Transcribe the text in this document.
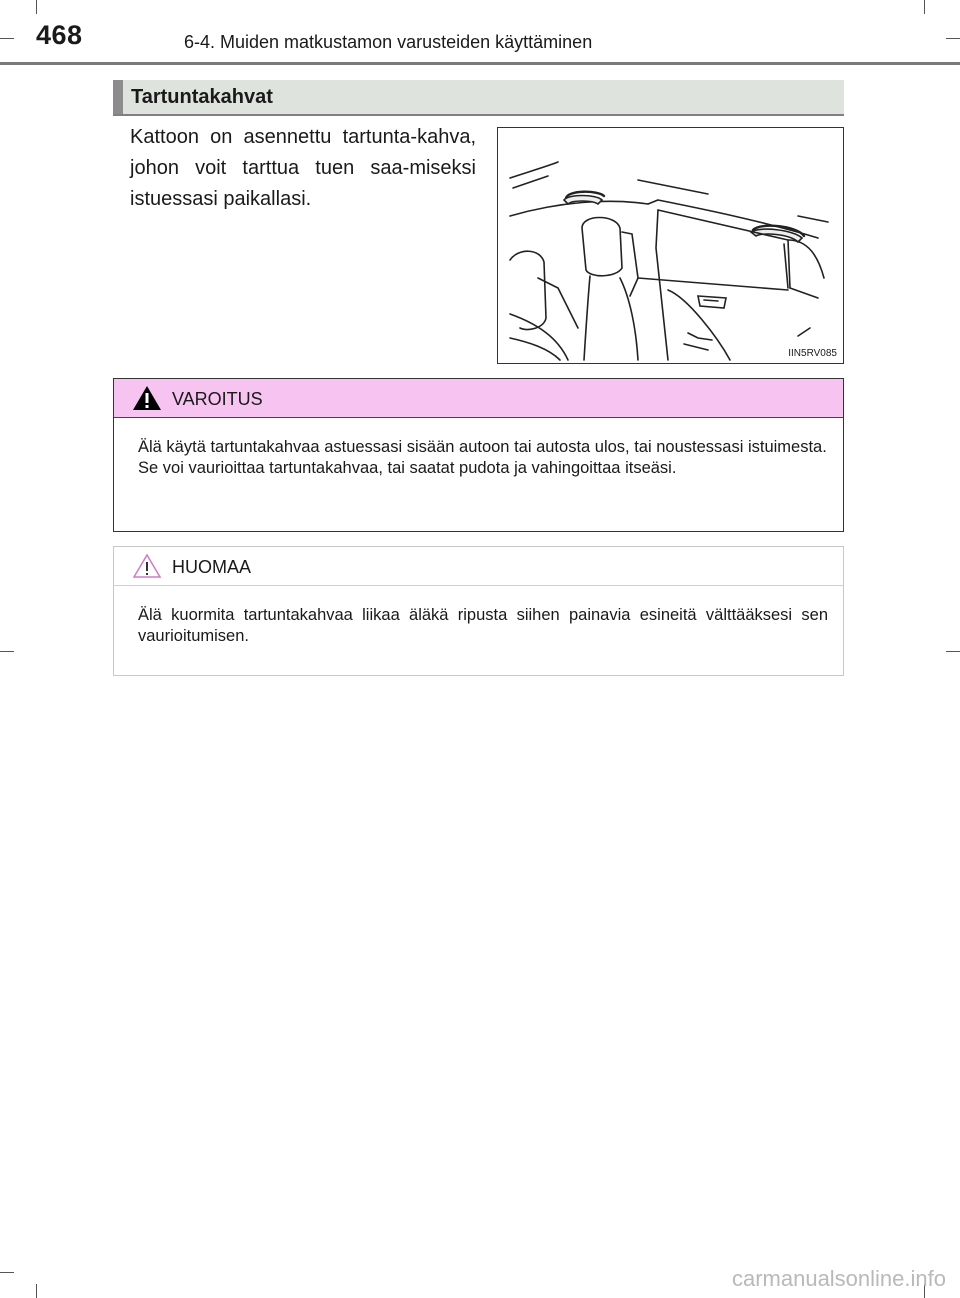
468	6-4. Muiden matkustamon varusteiden käyttäminen
Tartuntakahvat
Kattoon on asennettu tartunta-kahva, johon voit tarttua tuen saa-miseksi istuessasi paikallasi.
IIN5RV085
VAROITUS

Älä käytä tartuntakahvaa astuessasi sisään autoon tai autosta ulos, tai noustessasi istuimesta.

Se voi vaurioittaa tartuntakahvaa, tai saatat pudota ja vahingoittaa itseäsi.

HUOMAA

Älä kuormita tartuntakahvaa liikaa äläkä ripusta siihen painavia esineitä välttääksesi sen vaurioitumisen.

carmanualsonline.info
